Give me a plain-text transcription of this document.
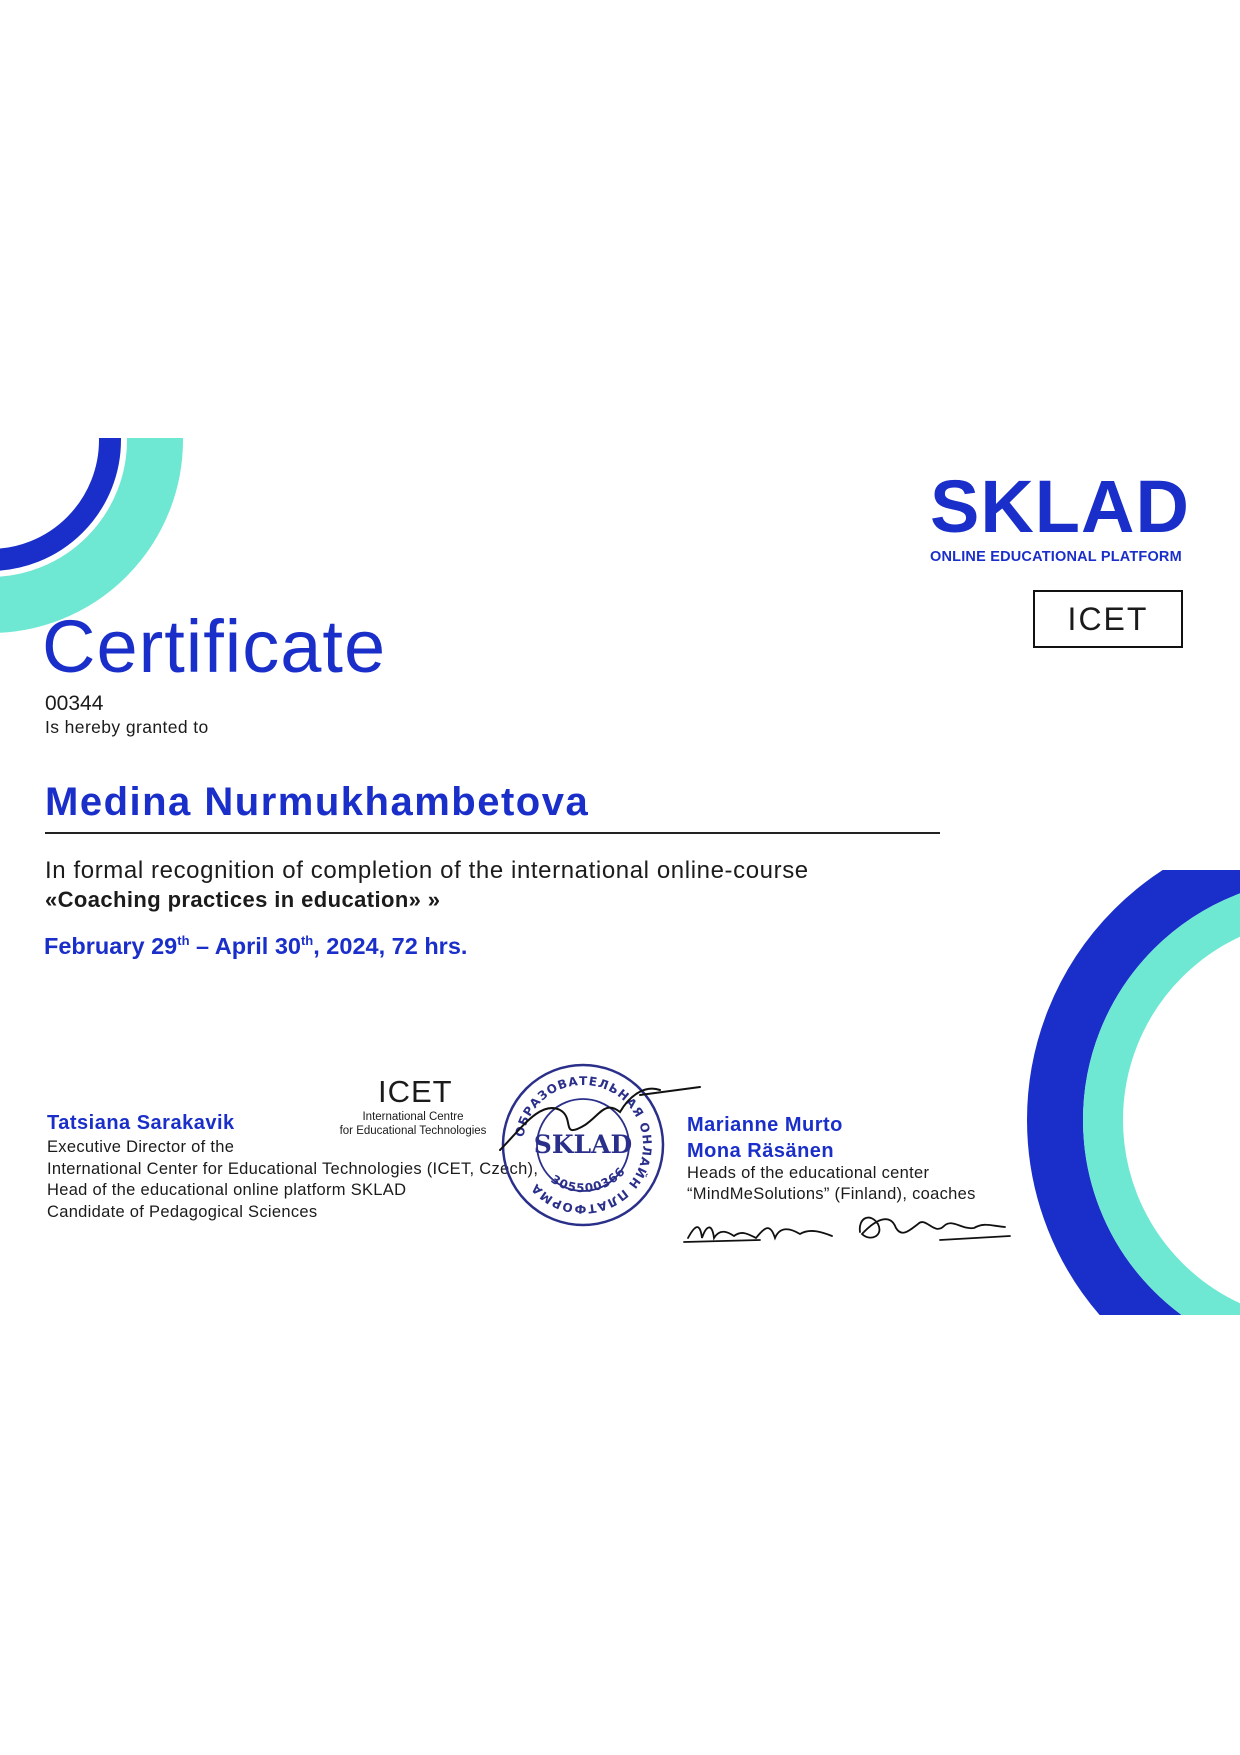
SKLAD
ONLINE EDUCATIONAL PLATFORM
ICET
Certificate
00344
Is hereby granted to
Medina Nurmukhambetova
In formal recognition of completion of the international online-course
«Coaching practices in education» »
February 29th – April 30th, 2024, 72 hrs.
Tatsiana Sarakavik
Executive Director of the
International Center for Educational Technologies (ICET, Czech),
Head of the educational online platform SKLAD
Candidate of Pedagogical Sciences
ICET
International Centre
for Educational Technologies	ОБРАЗОВАТЕЛЬНАЯ ОНЛАЙН ПЛАТФОРМА
305500366
SKLAD
Marianne Murto
Mona Räsänen
Heads of the educational center
“MindMeSolutions” (Finland), coaches
